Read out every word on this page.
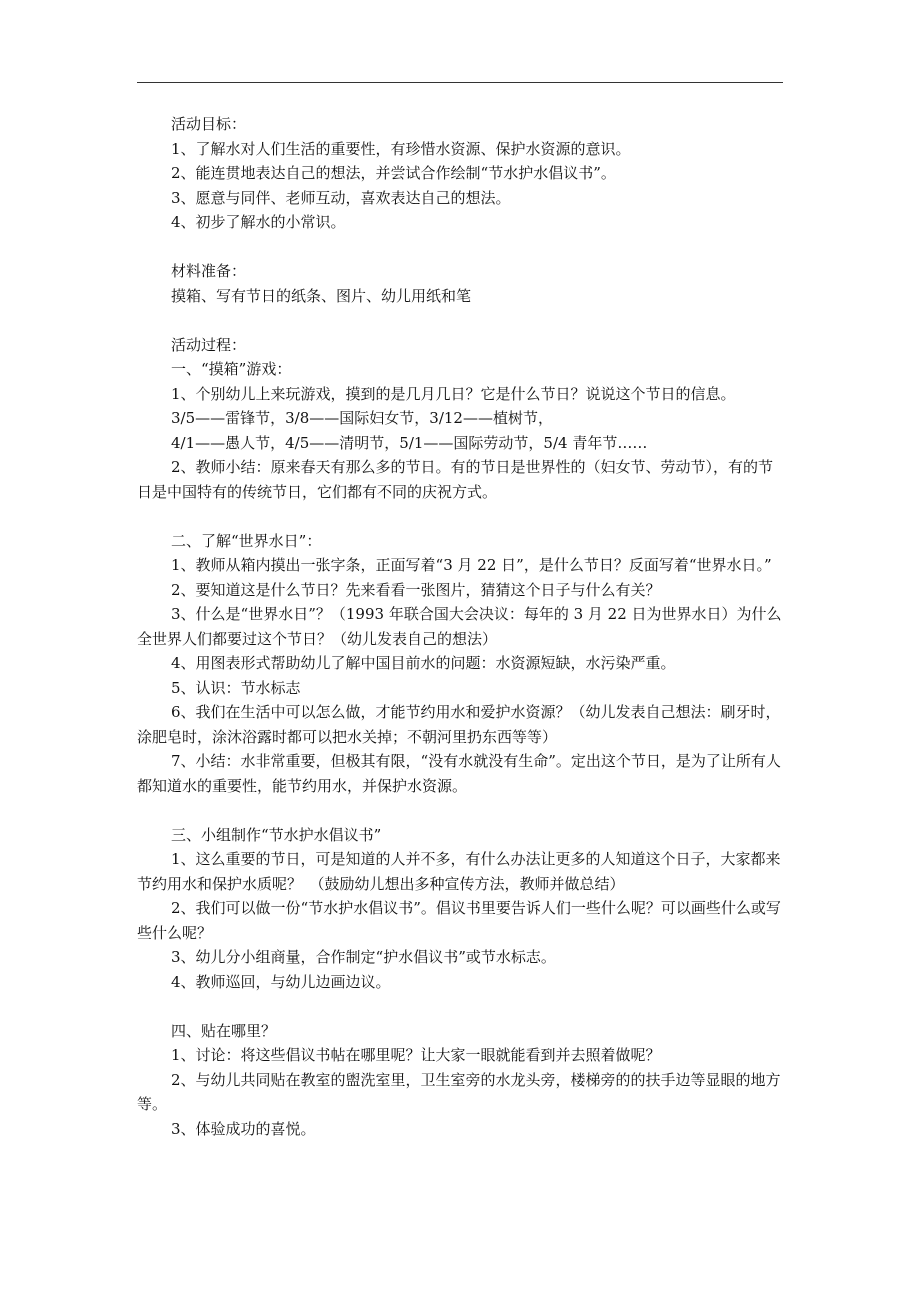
活动目标：
1、了解水对人们生活的重要性，有珍惜水资源、保护水资源的意识。
2、能连贯地表达自己的想法，并尝试合作绘制“节水护水倡议书”。
3、愿意与同伴、老师互动，喜欢表达自己的想法。
4、初步了解水的小常识。
材料准备：
摸箱、写有节日的纸条、图片、幼儿用纸和笔
活动过程：
一、“摸箱”游戏：
1、个别幼儿上来玩游戏，摸到的是几月几日？它是什么节日？说说这个节日的信息。
3/5——雷锋节，3/8——国际妇女节，3/12——植树节，
4/1——愚人节，4/5——清明节，5/1——国际劳动节，5/4 青年节……
2、教师小结：原来春天有那么多的节日。有的节日是世界性的（妇女节、劳动节），有的节日是中国特有的传统节日，它们都有不同的庆祝方式。
二、了解“世界水日”：
1、教师从箱内摸出一张字条，正面写着“3 月 22 日”，是什么节日？反面写着“世界水日。”
2、要知道这是什么节日？先来看看一张图片，猜猜这个日子与什么有关？
3、什么是“世界水日”？（1993 年联合国大会决议：每年的 3 月 22 日为世界水日）为什么全世界人们都要过这个节日？（幼儿发表自己的想法）
4、用图表形式帮助幼儿了解中国目前水的问题：水资源短缺，水污染严重。
5、认识：节水标志
6、我们在生活中可以怎么做，才能节约用水和爱护水资源？（幼儿发表自己想法：刷牙时，涂肥皂时，涂沐浴露时都可以把水关掉；不朝河里扔东西等等）
7、小结：水非常重要，但极其有限，“没有水就没有生命”。定出这个节日，是为了让所有人都知道水的重要性，能节约用水，并保护水资源。
三、小组制作“节水护水倡议书”
1、这么重要的节日，可是知道的人并不多，有什么办法让更多的人知道这个日子，大家都来节约用水和保护水质呢？　（鼓励幼儿想出多种宣传方法，教师并做总结）
2、我们可以做一份“节水护水倡议书”。倡议书里要告诉人们一些什么呢？可以画些什么或写些什么呢？
3、幼儿分小组商量，合作制定“护水倡议书”或节水标志。
4、教师巡回，与幼儿边画边议。
四、贴在哪里？
1、讨论：将这些倡议书帖在哪里呢？让大家一眼就能看到并去照着做呢？
2、与幼儿共同贴在教室的盥洗室里，卫生室旁的水龙头旁，楼梯旁的的扶手边等显眼的地方等。
3、体验成功的喜悦。
